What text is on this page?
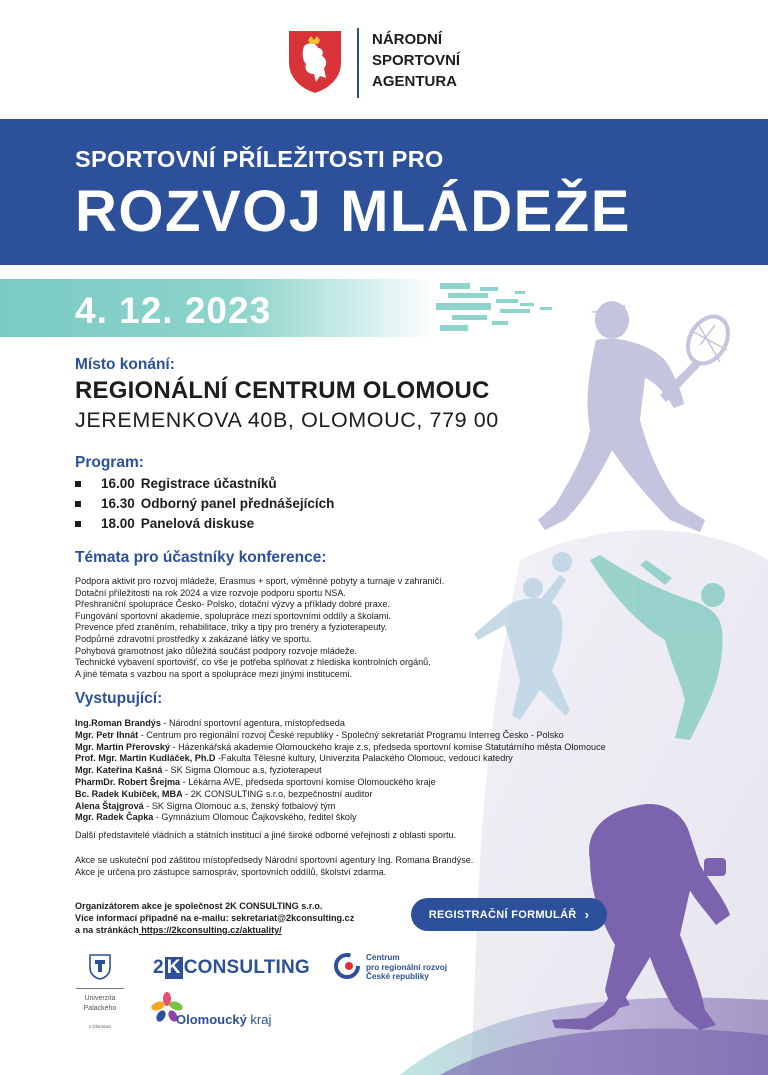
NÁRODNÍ
SPORTOVNÍ
AGENTURA
SPORTOVNÍ PŘÍLEŽITOSTI PRO
ROZVOJ MLÁDEŽE
4. 12. 2023
Místo konání:
REGIONÁLNÍ CENTRUM OLOMOUC
JEREMENKOVA 40B, OLOMOUC, 779 00
Program:
16.00 Registrace účastníků
16.30 Odborný panel přednášejících
18.00 Panelová diskuse
Témata pro účastníky konference:
Podpora aktivit pro rozvoj mládeže, Erasmus + sport, výměnné pobyty a turnaje v zahraničí.
Dotační příležitosti na rok 2024 a vize rozvoje podporu sportu NSA.
Přeshraniční spolupráce Česko- Polsko, dotační výzvy a příklady dobré praxe.
Fungování sportovní akademie, spolupráce mezi sportovními oddíly a školami.
Prevence před zraněním, rehabilitace, triky a tipy pro trenéry a fyzioterapeuty.
Podpůrné zdravotní prostředky x zakázané látky ve sportu.
Pohybová gramotnost jako důležitá součást podpory rozvoje mládeže.
Technické vybavení sportovišť, co vše je potřeba splňovat z hlediska kontrolních orgánů.
A jiné témata s vazbou na sport a spolupráce mezi jinými institucemi.
Vystupující:
Ing.Roman Brandýs - Národní sportovní agentura, místopředseda
Mgr. Petr Ihnát - Centrum pro regionální rozvoj České republiky - Společný sekretariát Programu Interreg Česko - Polsko
Mgr. Martin Přerovský - Házenkářská akademie Olomouckého kraje z.s, předseda sportovní komise Statutárního města Olomouce
Prof. Mgr. Martin Kudláček, Ph.D -Fakulta Tělesné kultury, Univerzita Palackého Olomouc, vedoucí katedry
Mgr. Kateřina Kašná - SK Sigma Olomouc a.s, fyzioterapeut
PharmDr. Robert Šrejma - Lékárna AVE, předseda sportovní komise Olomouckého kraje
Bc. Radek Kubíček, MBA - 2K CONSULTING s.r.o, bezpečnostní auditor
Alena Štajgrová - SK Sigma Olomouc a.s, ženský fotbalový tým
Mgr. Radek Čapka - Gymnázium Olomouc Čajkovského, ředitel školy
Další představitelé vládních a státních institucí a jiné široké odborné veřejnosti z oblasti sportu.
Akce se uskuteční pod záštitou místopředsedy Národní sportovní agentury Ing. Romana Brandýse.
Akce je určena pro zástupce samospráv, sportovních oddílů, školství zdarma.
Organizátorem akce je společnost 2K CONSULTING s.r.o.
Více informací případně na e-mailu: sekretariat@2kconsulting.cz
a na stránkách https://2kconsulting.cz/aktuality/
REGISTRAČNÍ FORMULÁŘ ›
Univerzita
Palackého
v Olomouci
2 K CONSULTING	Centrum
pro regionální rozvoj
České republiky
Olomoucký kraj
